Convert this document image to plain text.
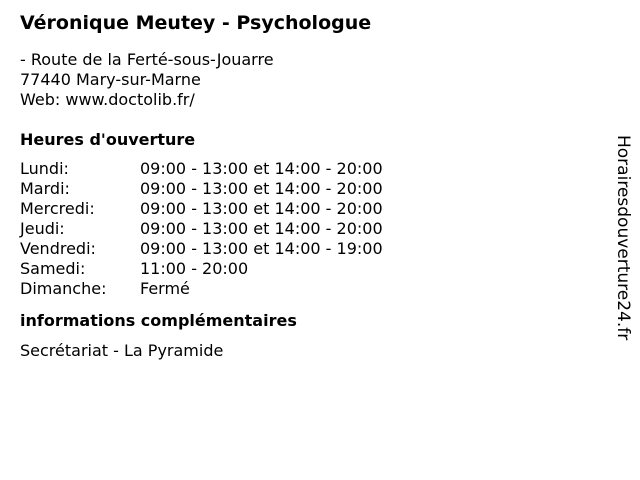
Véronique Meutey - Psychologue
- Route de la Ferté-sous-Jouarre
77440 Mary-sur-Marne
Web: www.doctolib.fr/
Heures d'ouverture
Lundi:	09:00 - 13:00 et 14:00 - 20:00
Mardi:	09:00 - 13:00 et 14:00 - 20:00
Mercredi:	09:00 - 13:00 et 14:00 - 20:00
Jeudi:	09:00 - 13:00 et 14:00 - 20:00
Vendredi:	09:00 - 13:00 et 14:00 - 19:00
Samedi:	11:00 - 20:00
Dimanche:	Fermé
informations complémentaires
Secrétariat - La Pyramide
Horairesdouverture24.fr
